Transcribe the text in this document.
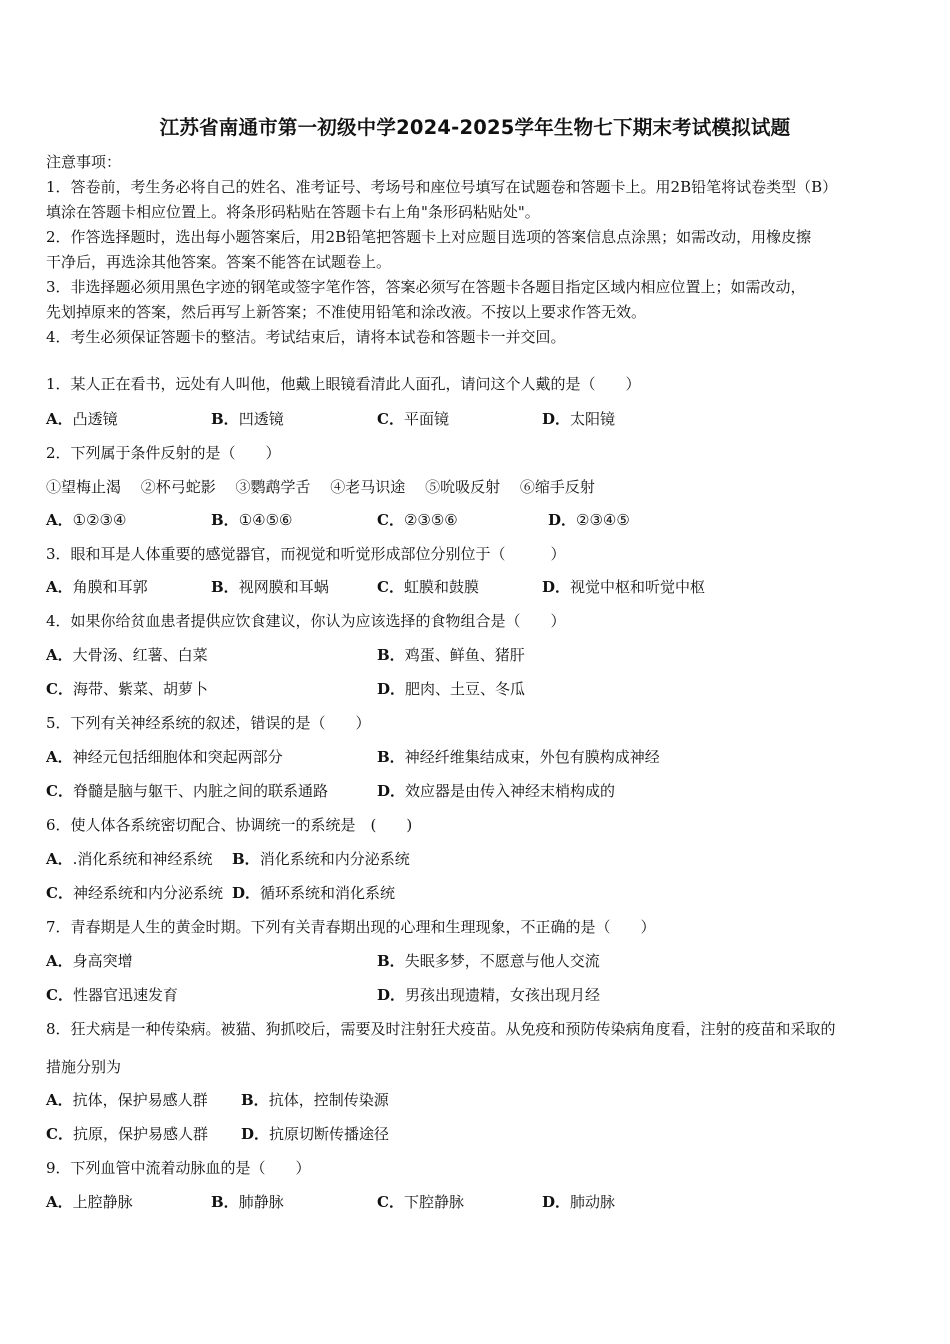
江苏省南通市第一初级中学2024-2025学年生物七下期末考试模拟试题
注意事项：
1．答卷前，考生务必将自己的姓名、准考证号、考场号和座位号填写在试题卷和答题卡上。用2B铅笔将试卷类型（B）
填涂在答题卡相应位置上。将条形码粘贴在答题卡右上角"条形码粘贴处"。
2．作答选择题时，选出每小题答案后，用2B铅笔把答题卡上对应题目选项的答案信息点涂黑；如需改动，用橡皮擦
干净后，再选涂其他答案。答案不能答在试题卷上。
3．非选择题必须用黑色字迹的钢笔或签字笔作答，答案必须写在答题卡各题目指定区域内相应位置上；如需改动，
先划掉原来的答案，然后再写上新答案；不准使用铅笔和涂改液。不按以上要求作答无效。
4．考生必须保证答题卡的整洁。考试结束后，请将本试卷和答题卡一并交回。
1．某人正在看书，远处有人叫他，他戴上眼镜看清此人面孔，请问这个人戴的是（　　）
A．凸透镜	B．凹透镜	C．平面镜	D．太阳镜
2．下列属于条件反射的是（　　）
①望梅止渴　 ②杯弓蛇影　 ③鹦鹉学舌　 ④老马识途　 ⑤吮吸反射　 ⑥缩手反射
A．①②③④	B．①④⑤⑥	C．②③⑤⑥	D．②③④⑤
3．眼和耳是人体重要的感觉器官，而视觉和听觉形成部位分别位于（　　　）
A．角膜和耳郭	B．视网膜和耳蜗	C．虹膜和鼓膜	D．视觉中枢和听觉中枢
4．如果你给贫血患者提供应饮食建议，你认为应该选择的食物组合是（　　）
A．大骨汤、红薯、白菜	B．鸡蛋、鲜鱼、猪肝
C．海带、紫菜、胡萝卜	D．肥肉、土豆、冬瓜
5．下列有关神经系统的叙述，错误的是（　　）
A．神经元包括细胞体和突起两部分	B．神经纤维集结成束，外包有膜构成神经
C．脊髓是脑与躯干、内脏之间的联系通路	D．效应器是由传入神经末梢构成的
6．使人体各系统密切配合、协调统一的系统是　(　　)
A．.消化系统和神经系统 B．消化系统和内分泌系统
C．神经系统和内分泌系统 D．循环系统和消化系统
7．青春期是人生的黄金时期。下列有关青春期出现的心理和生理现象，不正确的是（　　）
A．身高突增	B．失眠多梦，不愿意与他人交流
C．性器官迅速发育	D．男孩出现遗精，女孩出现月经
8．狂犬病是一种传染病。被猫、狗抓咬后，需要及时注射狂犬疫苗。从免疫和预防传染病角度看，注射的疫苗和采取的
措施分别为
A．抗体，保护易感人群 B．抗体，控制传染源
C．抗原，保护易感人群 D．抗原切断传播途径
9．下列血管中流着动脉血的是（　　）
A．上腔静脉	B．肺静脉	C．下腔静脉	D．肺动脉
